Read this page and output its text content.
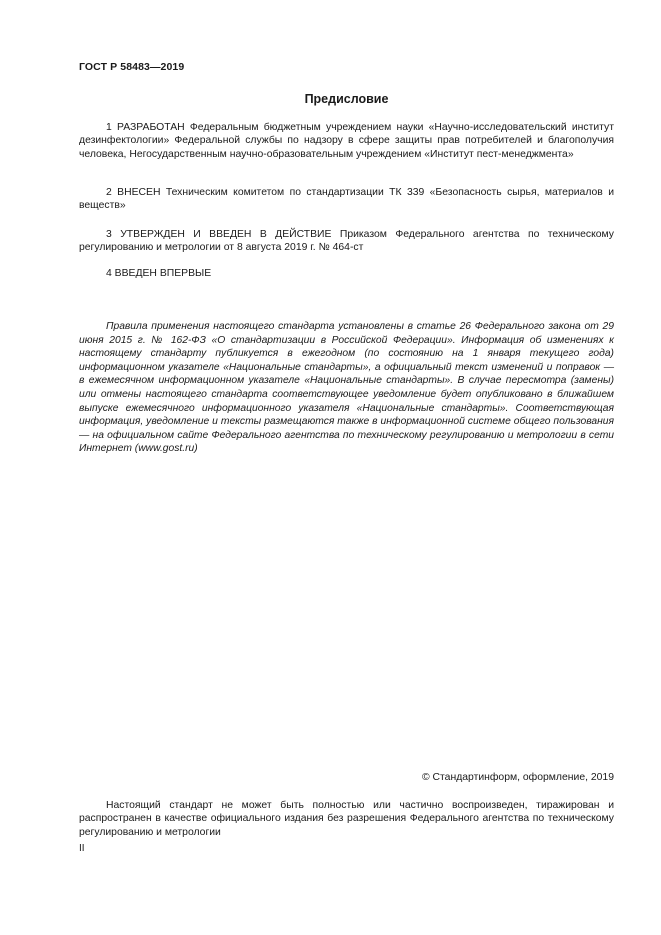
ГОСТ Р 58483—2019
Предисловие

1 РАЗРАБОТАН Федеральным бюджетным учреждением науки «Научно-исследовательский институт дезинфектологии» Федеральной службы по надзору в сфере защиты прав потребителей и благополучия человека, Негосударственным научно-образовательным учреждением «Институт пест-менеджмента»

2 ВНЕСЕН Техническим комитетом по стандартизации ТК 339 «Безопасность сырья, материалов и веществ»

3 УТВЕРЖДЕН И ВВЕДЕН В ДЕЙСТВИЕ Приказом Федерального агентства по техническому регулированию и метрологии от 8 августа 2019 г. № 464-ст

4 ВВЕДЕН ВПЕРВЫЕ

Правила применения настоящего стандарта установлены в статье 26 Федерального закона от 29 июня 2015 г. № 162-ФЗ «О стандартизации в Российской Федерации». Информация об изменениях к настоящему стандарту публикуется в ежегодном (по состоянию на 1 января текущего года) информационном указателе «Национальные стандарты», а официальный текст изменений и поправок — в ежемесячном информационном указателе «Национальные стандарты». В случае пересмотра (замены) или отмены настоящего стандарта соответствующее уведомление будет опубликовано в ближайшем выпуске ежемесячного информационного указателя «Национальные стандарты». Соответствующая информация, уведомление и тексты размещаются также в информационной системе общего пользования — на официальном сайте Федерального агентства по техническому регулированию и метрологии в сети Интернет (www.gost.ru)

© Стандартинформ, оформление, 2019

Настоящий стандарт не может быть полностью или частично воспроизведен, тиражирован и распространен в качестве официального издания без разрешения Федерального агентства по техническому регулированию и метрологии

II
